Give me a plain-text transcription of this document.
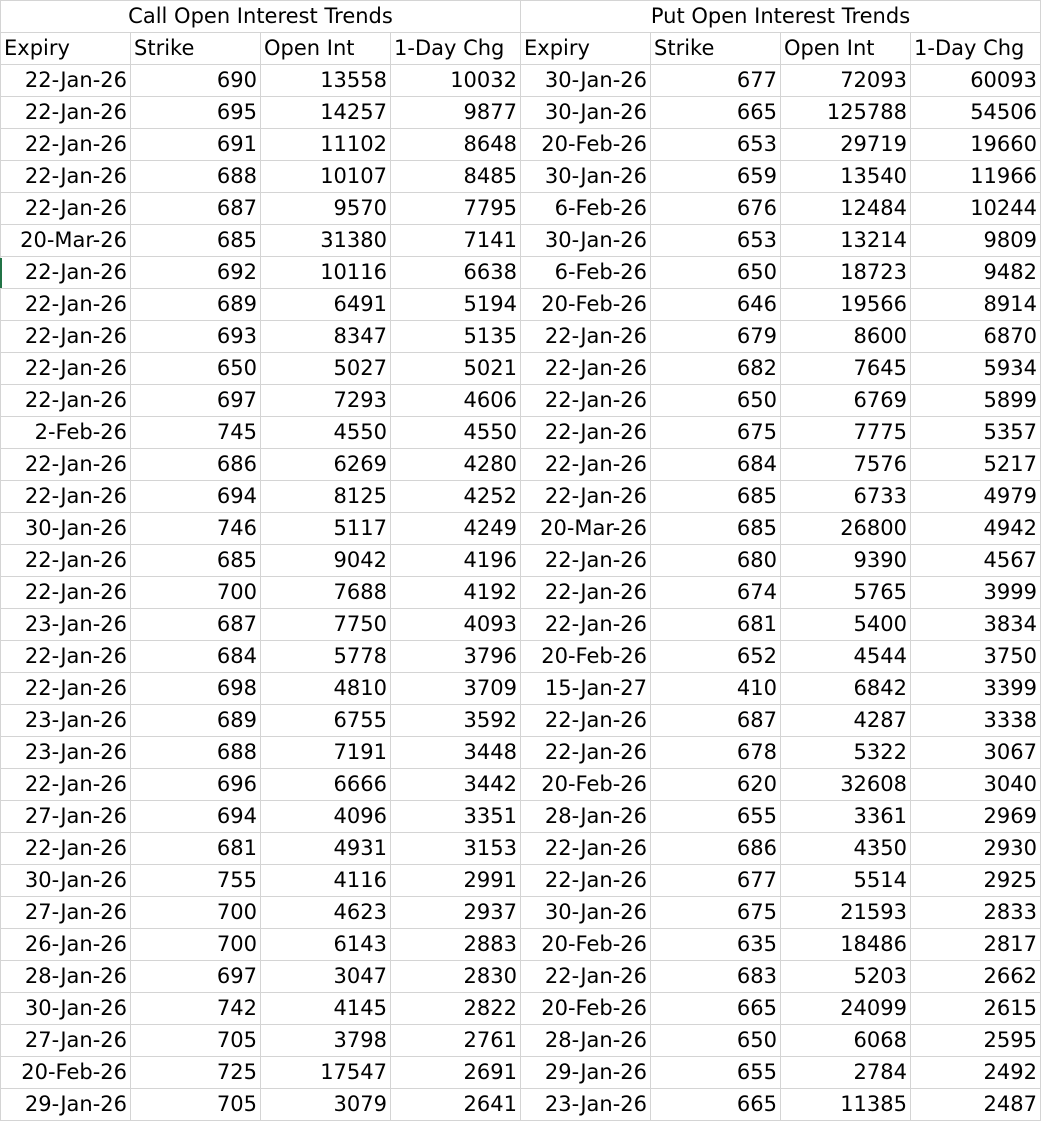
Call Open Interest Trends				Put Open Interest Trends			
Expiry	Strike	Open Int	1-Day Chg	Expiry	Strike	Open Int	1-Day Chg
22-Jan-26	690	13558	10032	30-Jan-26	677	72093	60093
22-Jan-26	695	14257	9877	30-Jan-26	665	125788	54506
22-Jan-26	691	11102	8648	20-Feb-26	653	29719	19660
22-Jan-26	688	10107	8485	30-Jan-26	659	13540	11966
22-Jan-26	687	9570	7795	6-Feb-26	676	12484	10244
20-Mar-26	685	31380	7141	30-Jan-26	653	13214	9809
22-Jan-26	692	10116	6638	6-Feb-26	650	18723	9482
22-Jan-26	689	6491	5194	20-Feb-26	646	19566	8914
22-Jan-26	693	8347	5135	22-Jan-26	679	8600	6870
22-Jan-26	650	5027	5021	22-Jan-26	682	7645	5934
22-Jan-26	697	7293	4606	22-Jan-26	650	6769	5899
2-Feb-26	745	4550	4550	22-Jan-26	675	7775	5357
22-Jan-26	686	6269	4280	22-Jan-26	684	7576	5217
22-Jan-26	694	8125	4252	22-Jan-26	685	6733	4979
30-Jan-26	746	5117	4249	20-Mar-26	685	26800	4942
22-Jan-26	685	9042	4196	22-Jan-26	680	9390	4567
22-Jan-26	700	7688	4192	22-Jan-26	674	5765	3999
23-Jan-26	687	7750	4093	22-Jan-26	681	5400	3834
22-Jan-26	684	5778	3796	20-Feb-26	652	4544	3750
22-Jan-26	698	4810	3709	15-Jan-27	410	6842	3399
23-Jan-26	689	6755	3592	22-Jan-26	687	4287	3338
23-Jan-26	688	7191	3448	22-Jan-26	678	5322	3067
22-Jan-26	696	6666	3442	20-Feb-26	620	32608	3040
27-Jan-26	694	4096	3351	28-Jan-26	655	3361	2969
22-Jan-26	681	4931	3153	22-Jan-26	686	4350	2930
30-Jan-26	755	4116	2991	22-Jan-26	677	5514	2925
27-Jan-26	700	4623	2937	30-Jan-26	675	21593	2833
26-Jan-26	700	6143	2883	20-Feb-26	635	18486	2817
28-Jan-26	697	3047	2830	22-Jan-26	683	5203	2662
30-Jan-26	742	4145	2822	20-Feb-26	665	24099	2615
27-Jan-26	705	3798	2761	28-Jan-26	650	6068	2595
20-Feb-26	725	17547	2691	29-Jan-26	655	2784	2492
29-Jan-26	705	3079	2641	23-Jan-26	665	11385	2487
